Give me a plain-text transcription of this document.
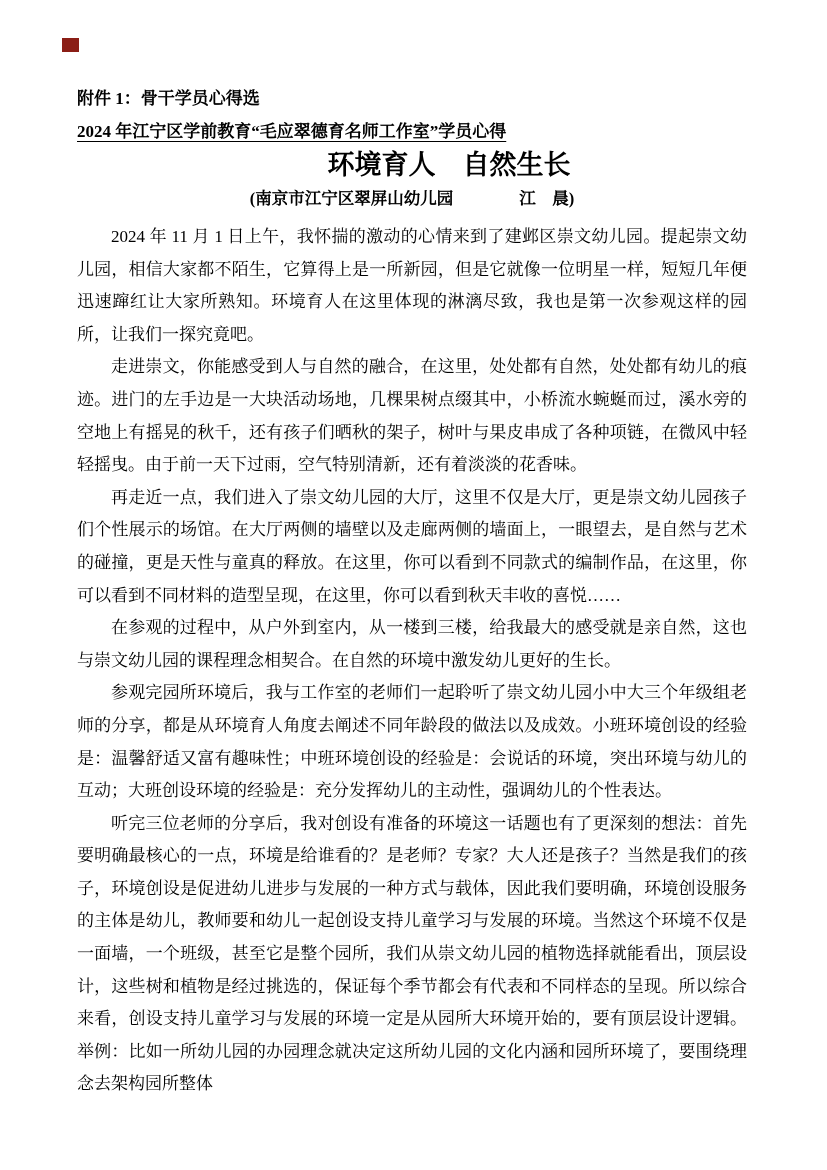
附件 1：骨干学员心得选
2024 年江宁区学前教育“毛应翠德育名师工作室”学员心得
环境育人　自然生长
(南京市江宁区翠屏山幼儿园　　　　江　晨)

2024 年 11 月 1 日上午，我怀揣的激动的心情来到了建邺区崇文幼儿园。提起崇文幼儿园，相信大家都不陌生，它算得上是一所新园，但是它就像一位明星一样，短短几年便迅速蹿红让大家所熟知。环境育人在这里体现的淋漓尽致，我也是第一次参观这样的园所，让我们一探究竟吧。

走进崇文，你能感受到人与自然的融合，在这里，处处都有自然，处处都有幼儿的痕迹。进门的左手边是一大块活动场地，几棵果树点缀其中，小桥流水蜿蜒而过，溪水旁的空地上有摇晃的秋千，还有孩子们晒秋的架子，树叶与果皮串成了各种项链，在微风中轻轻摇曳。由于前一天下过雨，空气特别清新，还有着淡淡的花香味。

再走近一点，我们进入了崇文幼儿园的大厅，这里不仅是大厅，更是崇文幼儿园孩子们个性展示的场馆。在大厅两侧的墙壁以及走廊两侧的墙面上，一眼望去，是自然与艺术的碰撞，更是天性与童真的释放。在这里，你可以看到不同款式的编制作品，在这里，你可以看到不同材料的造型呈现，在这里，你可以看到秋天丰收的喜悦……

在参观的过程中，从户外到室内，从一楼到三楼，给我最大的感受就是亲自然，这也与崇文幼儿园的课程理念相契合。在自然的环境中激发幼儿更好的生长。

参观完园所环境后，我与工作室的老师们一起聆听了崇文幼儿园小中大三个年级组老师的分享，都是从环境育人角度去阐述不同年龄段的做法以及成效。小班环境创设的经验是：温馨舒适又富有趣味性；中班环境创设的经验是：会说话的环境，突出环境与幼儿的互动；大班创设环境的经验是：充分发挥幼儿的主动性，强调幼儿的个性表达。

听完三位老师的分享后，我对创设有准备的环境这一话题也有了更深刻的想法：首先要明确最核心的一点，环境是给谁看的？是老师？专家？大人还是孩子？当然是我们的孩子，环境创设是促进幼儿进步与发展的一种方式与载体，因此我们要明确，环境创设服务的主体是幼儿，教师要和幼儿一起创设支持儿童学习与发展的环境。当然这个环境不仅是一面墙，一个班级，甚至它是整个园所，我们从崇文幼儿园的植物选择就能看出，顶层设计，这些树和植物是经过挑选的，保证每个季节都会有代表和不同样态的呈现。所以综合来看，创设支持儿童学习与发展的环境一定是从园所大环境开始的，要有顶层设计逻辑。举例：比如一所幼儿园的办园理念就决定这所幼儿园的文化内涵和园所环境了，要围绕理念去架构园所整体
